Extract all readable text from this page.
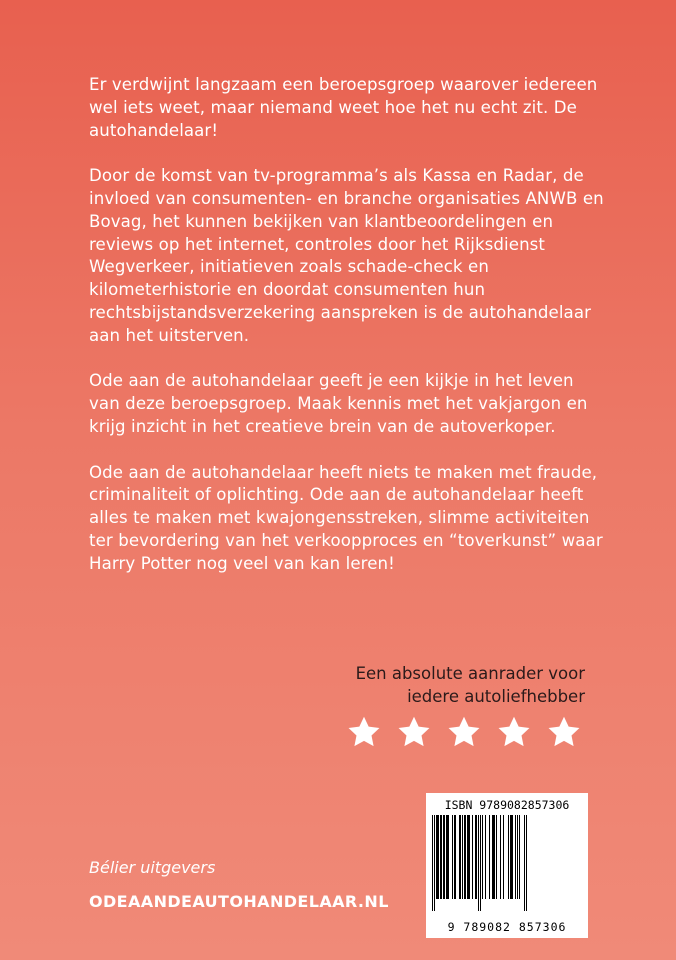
Er verdwijnt langzaam een beroepsgroep waarover iedereen wel iets weet, maar niemand weet hoe het nu echt zit. De autohandelaar!

Door de komst van tv-programma’s als Kassa en Radar, de invloed van consumenten- en branche organisaties ANWB en Bovag, het kunnen bekijken van klantbeoordelingen en reviews op het internet, controles door het Rijksdienst Wegverkeer, initiatieven zoals schade-check en kilometerhistorie en doordat consumenten hun rechtsbijstandsverzekering aanspreken is de autohandelaar aan het uitsterven.

Ode aan de autohandelaar geeft je een kijkje in het leven van deze beroepsgroep. Maak kennis met het vakjargon en krijg inzicht in het creatieve brein van de autoverkoper.

Ode aan de autohandelaar heeft niets te maken met fraude, criminaliteit of oplichting. Ode aan de autohandelaar heeft alles te maken met kwajongensstreken, slimme activiteiten ter bevordering van het verkoopproces en “toverkunst” waar Harry Potter nog veel van kan leren!

Een absolute aanrader voor
iedere autoliefhebber
Bélier uitgevers
ODEAANDEAUTOHANDELAAR.NL
ISBN 9789082857306
9 789082 857306
